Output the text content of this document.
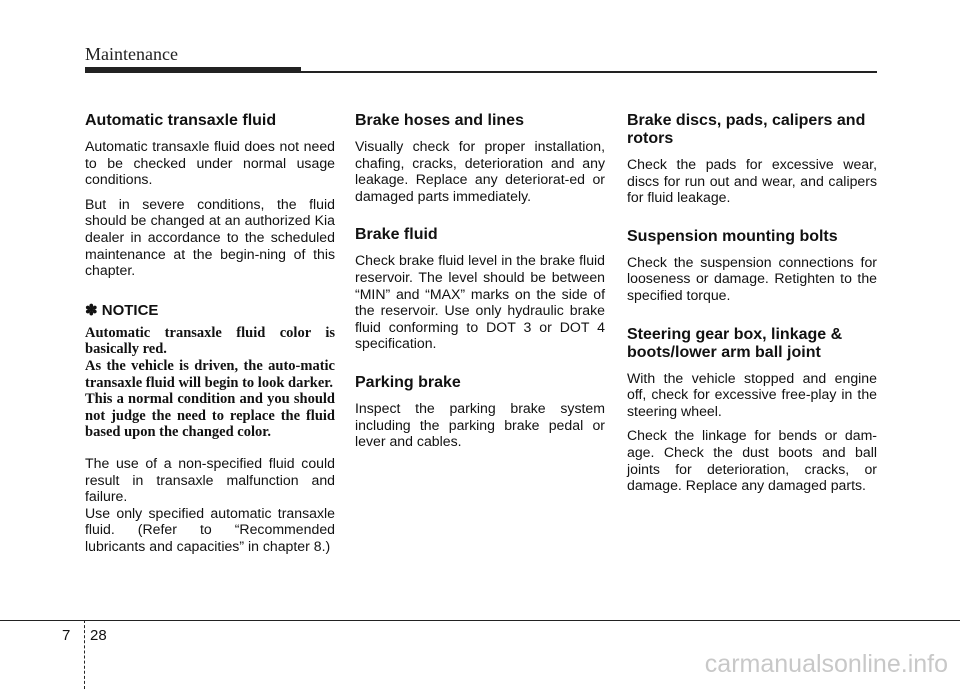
Maintenance
Automatic transaxle fluid

Automatic transaxle fluid does not need to be checked under normal usage conditions.

But in severe conditions, the fluid should be changed at an authorized Kia dealer in accordance to the scheduled maintenance at the begin-ning of this chapter.

✽ NOTICE

Automatic transaxle fluid color is basically red.
As the vehicle is driven, the auto-matic transaxle fluid will begin to look darker.
This a normal condition and you should not judge the need to replace the fluid based upon the changed color.

The use of a non-specified fluid could result in transaxle malfunction and failure.
Use only specified automatic transaxle fluid. (Refer to “Recommended lubricants and capacities” in chapter 8.)

Brake hoses and lines

Visually check for proper installation, chafing, cracks, deterioration and any leakage. Replace any deteriorat-ed or damaged parts immediately.

Brake fluid

Check brake fluid level in the brake fluid reservoir. The level should be between “MIN” and “MAX” marks on the side of the reservoir. Use only hydraulic brake fluid conforming to DOT 3 or DOT 4 specification.

Parking brake

Inspect the parking brake system including the parking brake pedal or lever and cables.

Brake discs, pads, calipers and rotors

Check the pads for excessive wear, discs for run out and wear, and calipers for fluid leakage.

Suspension mounting bolts

Check the suspension connections for looseness or damage. Retighten to the specified torque.

Steering gear box, linkage & boots/lower arm ball joint

With the vehicle stopped and engine off, check for excessive free-play in the steering wheel.

Check the linkage for bends or dam-age. Check the dust boots and ball joints for deterioration, cracks, or damage. Replace any damaged parts.

7 28
carmanualsonline.info
